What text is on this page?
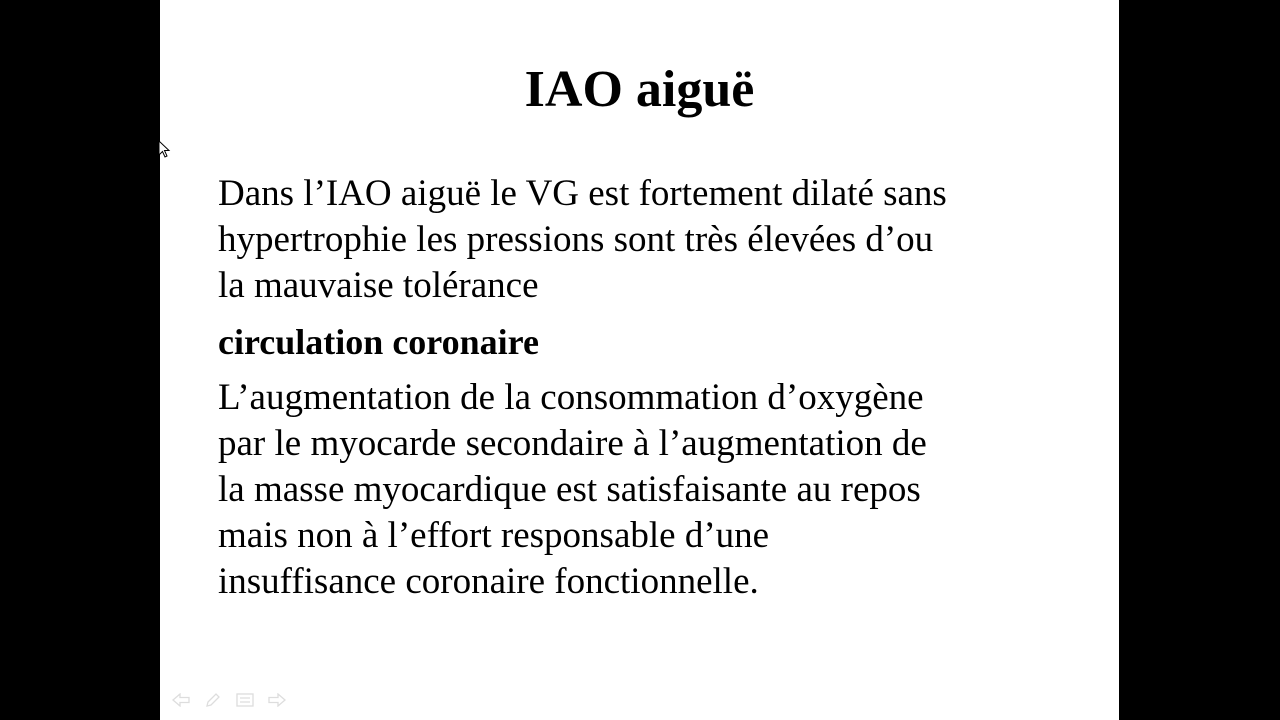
IAO aiguë

Dans l’IAO aiguë le VG est fortement dilaté sans
hypertrophie les pressions sont très élevées d’ou
la mauvaise tolérance

circulation coronaire

L’augmentation de la consommation d’oxygène
par le myocarde secondaire à l’augmentation de
la masse myocardique est satisfaisante au repos
mais non à l’effort responsable d’une
insuffisance coronaire fonctionnelle.
